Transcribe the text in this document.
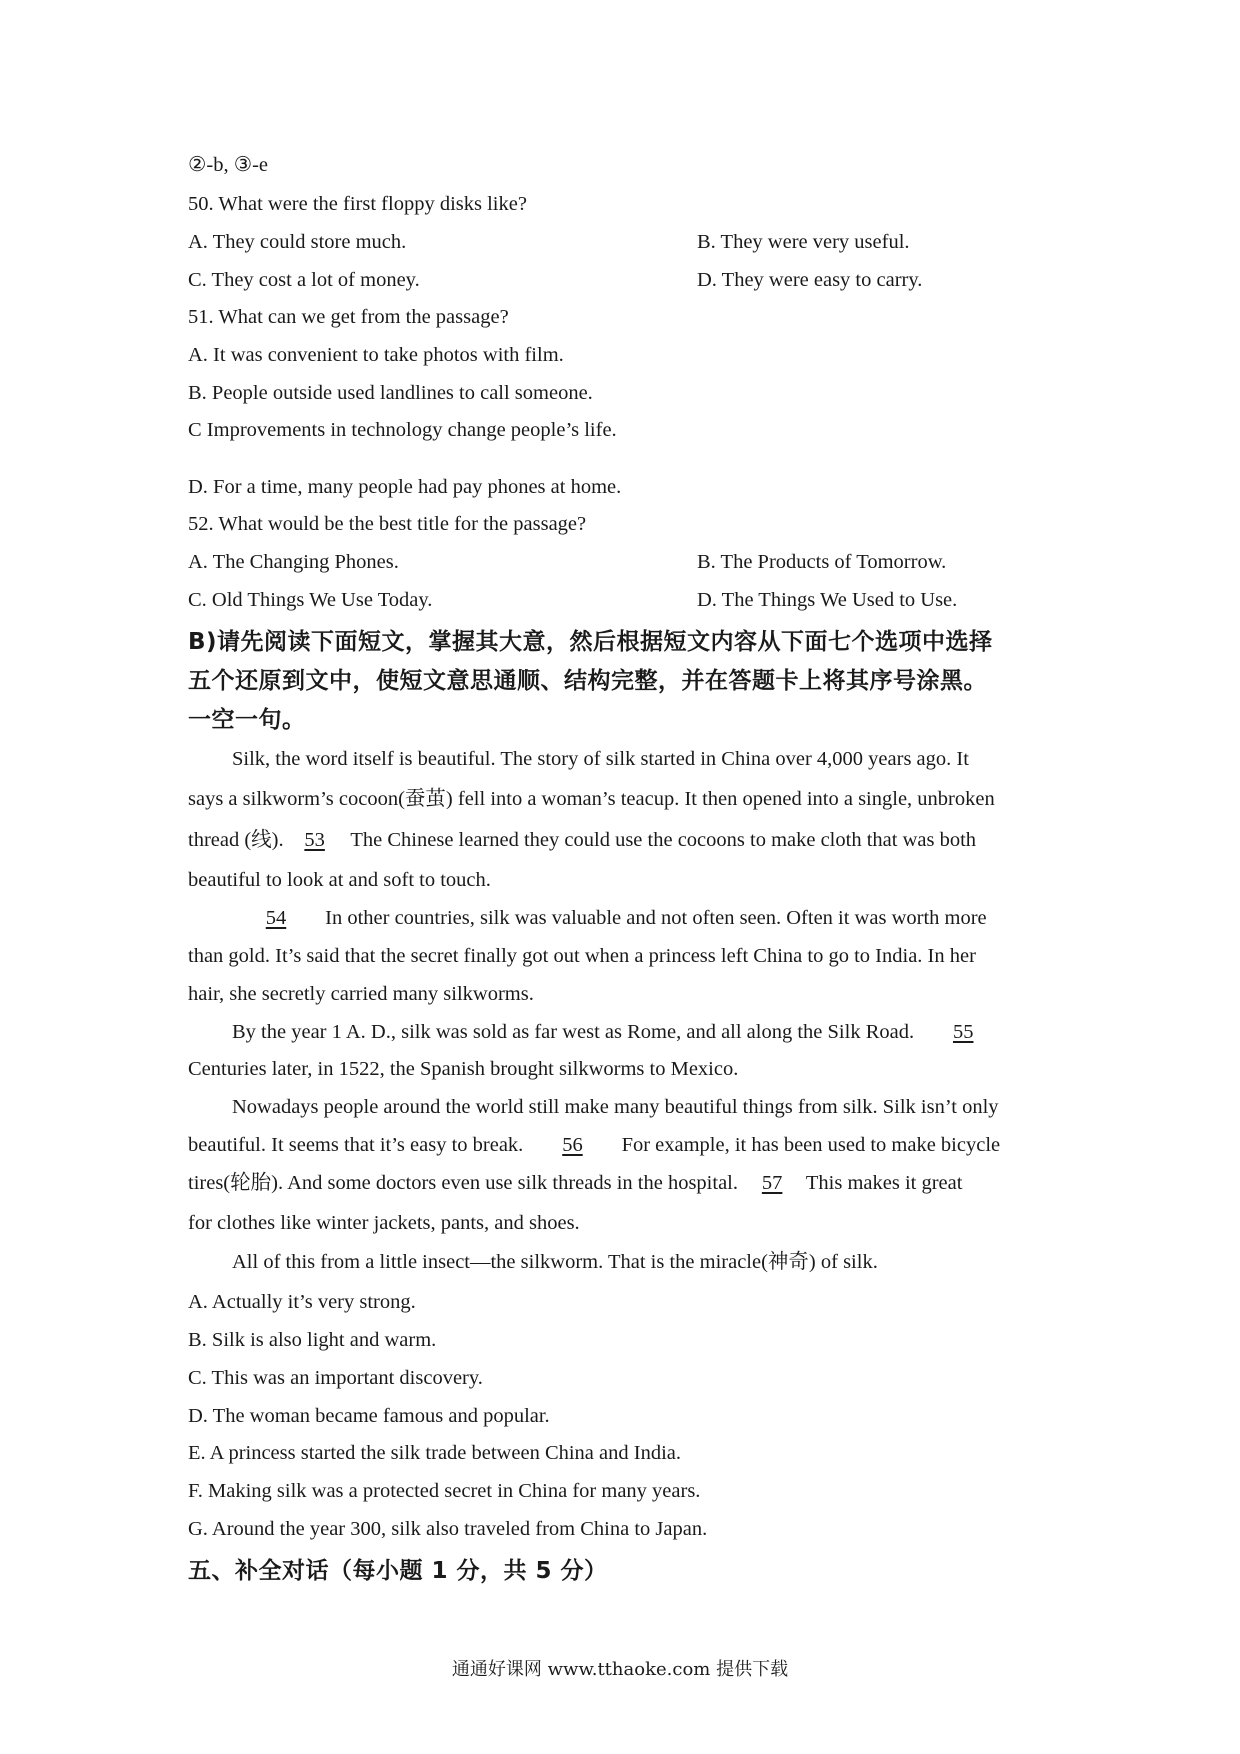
②-b, ③-e
50. What were the first floppy disks like?
A. They could store much.	B. They were very useful.
C. They cost a lot of money.	D. They were easy to carry.
51. What can we get from the passage?
A. It was convenient to take photos with film.
B. People outside used landlines to call someone.
C Improvements in technology change people’s life.
D. For a time, many people had pay phones at home.
52. What would be the best title for the passage?
A. The Changing Phones.	B. The Products of Tomorrow.
C. Old Things We Use Today.	D. The Things We Used to Use.
B)请先阅读下面短文，掌握其大意，然后根据短文内容从下面七个选项中选择
五个还原到文中，使短文意思通顺、结构完整，并在答题卡上将其序号涂黑。
一空一句。
Silk, the word itself is beautiful. The story of silk started in China over 4,000 years ago. It
says a silkworm’s cocoon(蚕茧) fell into a woman’s teacup. It then opened into a single, unbroken
thread (线). 53 The Chinese learned they could use the cocoons to make cloth that was both
beautiful to look at and soft to touch.
54 In other countries, silk was valuable and not often seen. Often it was worth more
than gold. It’s said that the secret finally got out when a princess left China to go to India. In her
hair, she secretly carried many silkworms.
By the year 1 A. D., silk was sold as far west as Rome, and all along the Silk Road. 55
Centuries later, in 1522, the Spanish brought silkworms to Mexico.
Nowadays people around the world still make many beautiful things from silk. Silk isn’t only
beautiful. It seems that it’s easy to break. 56 For example, it has been used to make bicycle
tires(轮胎). And some doctors even use silk threads in the hospital. 57 This makes it great
for clothes like winter jackets, pants, and shoes.
All of this from a little insect—the silkworm. That is the miracle(神奇) of silk.
A. Actually it’s very strong.
B. Silk is also light and warm.
C. This was an important discovery.
D. The woman became famous and popular.
E. A princess started the silk trade between China and India.
F. Making silk was a protected secret in China for many years.
G. Around the year 300, silk also traveled from China to Japan.
五、补全对话（每小题 1 分，共 5 分）
通通好课网 www.tthaoke.com 提供下载
